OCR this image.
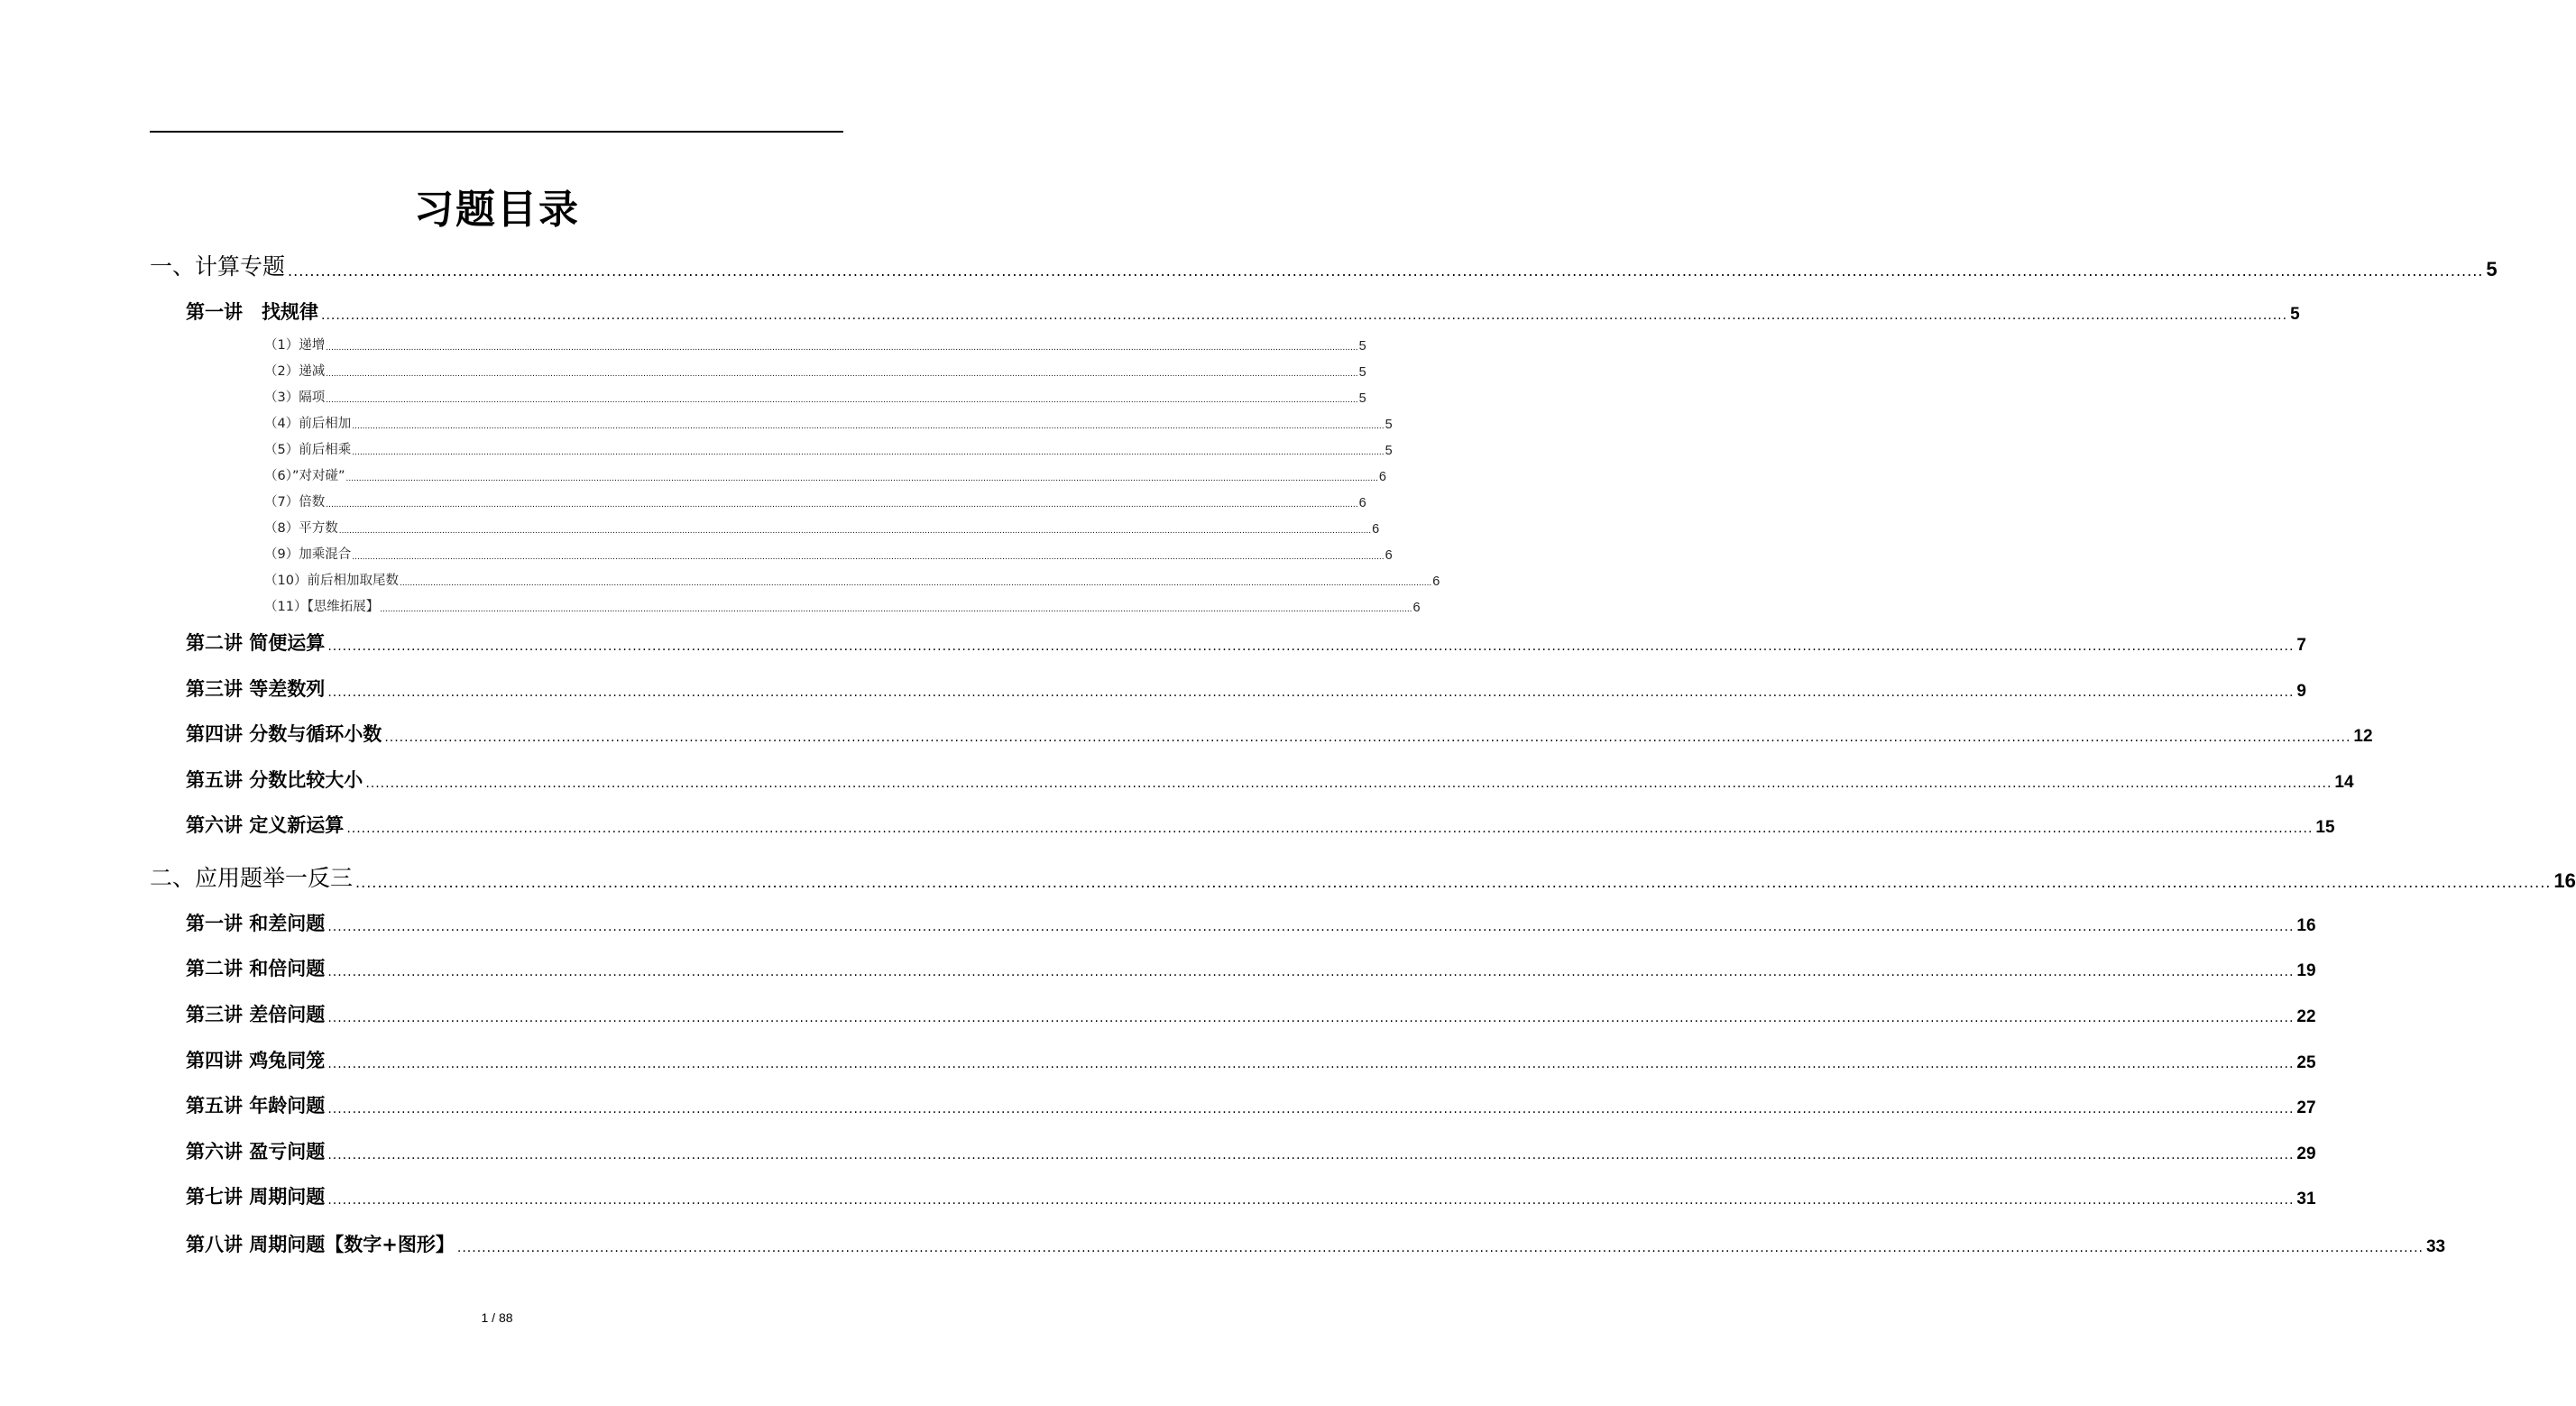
习题目录
一、计算专题 ................................................................................................................................................................................................................................................................................................................................................................................................................ 5
第一讲　找规律 ................................................................................................................................................................................................................................................................................................................................................................................................................ 5
（1）递增 ................................................................................................................................................................................................................................................................................................................................................................................................................ 5
（2）递减 ................................................................................................................................................................................................................................................................................................................................................................................................................ 5
（3）隔项 ................................................................................................................................................................................................................................................................................................................................................................................................................ 5
（4）前后相加 ................................................................................................................................................................................................................................................................................................................................................................................................................ 5
（5）前后相乘 ................................................................................................................................................................................................................................................................................................................................................................................................................ 5
（6）”对对碰” ................................................................................................................................................................................................................................................................................................................................................................................................................ 6
（7）倍数 ................................................................................................................................................................................................................................................................................................................................................................................................................ 6
（8）平方数 ................................................................................................................................................................................................................................................................................................................................................................................................................ 6
（9）加乘混合 ................................................................................................................................................................................................................................................................................................................................................................................................................ 6
（10）前后相加取尾数 ................................................................................................................................................................................................................................................................................................................................................................................................................ 6
（11）【思维拓展】 ................................................................................................................................................................................................................................................................................................................................................................................................................ 6
第二讲 简便运算 ................................................................................................................................................................................................................................................................................................................................................................................................................ 7
第三讲 等差数列 ................................................................................................................................................................................................................................................................................................................................................................................................................ 9
第四讲 分数与循环小数 ................................................................................................................................................................................................................................................................................................................................................................................................................ 12
第五讲 分数比较大小 ................................................................................................................................................................................................................................................................................................................................................................................................................ 14
第六讲 定义新运算 ................................................................................................................................................................................................................................................................................................................................................................................................................ 15
二、应用题举一反三 ................................................................................................................................................................................................................................................................................................................................................................................................................ 16
第一讲 和差问题 ................................................................................................................................................................................................................................................................................................................................................................................................................ 16
第二讲 和倍问题 ................................................................................................................................................................................................................................................................................................................................................................................................................ 19
第三讲 差倍问题 ................................................................................................................................................................................................................................................................................................................................................................................................................ 22
第四讲 鸡兔同笼 ................................................................................................................................................................................................................................................................................................................................................................................................................ 25
第五讲 年龄问题 ................................................................................................................................................................................................................................................................................................................................................................................................................ 27
第六讲 盈亏问题 ................................................................................................................................................................................................................................................................................................................................................................................................................ 29
第七讲 周期问题 ................................................................................................................................................................................................................................................................................................................................................................................................................ 31
第八讲 周期问题【数字+图形】 ................................................................................................................................................................................................................................................................................................................................................................................................................ 33
1 / 88
